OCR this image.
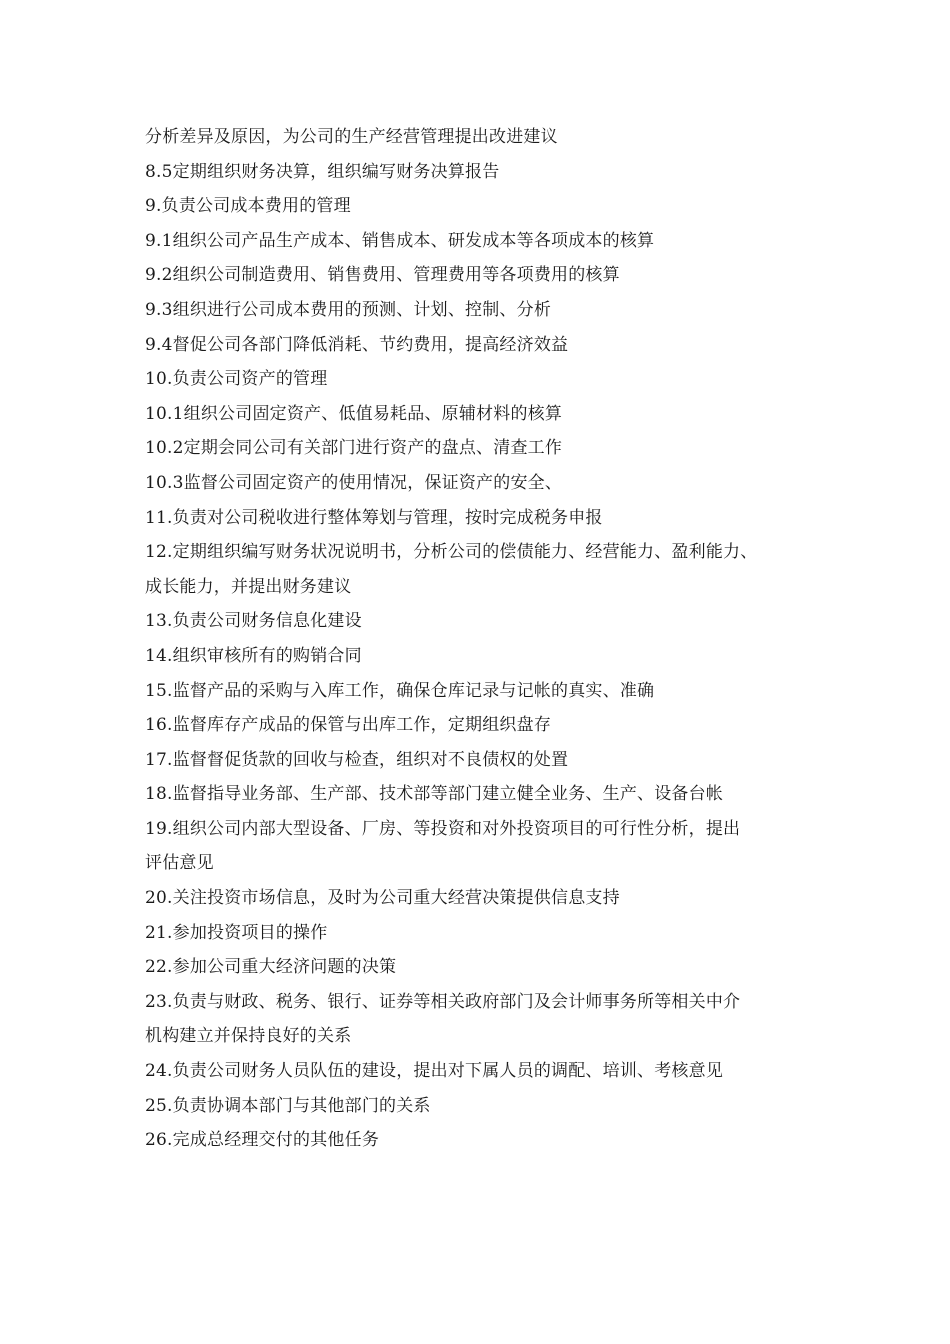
分析差异及原因，为公司的生产经营管理提出改进建议
8.5定期组织财务决算，组织编写财务决算报告
9.负责公司成本费用的管理
9.1组织公司产品生产成本、销售成本、研发成本等各项成本的核算
9.2组织公司制造费用、销售费用、管理费用等各项费用的核算
9.3组织进行公司成本费用的预测、计划、控制、分析
9.4督促公司各部门降低消耗、节约费用，提高经济效益
10.负责公司资产的管理
10.1组织公司固定资产、低值易耗品、原辅材料的核算
10.2定期会同公司有关部门进行资产的盘点、清查工作
10.3监督公司固定资产的使用情况，保证资产的安全、
11.负责对公司税收进行整体筹划与管理，按时完成税务申报
12.定期组织编写财务状况说明书，分析公司的偿债能力、经营能力、盈利能力、
成长能力，并提出财务建议
13.负责公司财务信息化建设
14.组织审核所有的购销合同
15.监督产品的采购与入库工作，确保仓库记录与记帐的真实、准确
16.监督库存产成品的保管与出库工作，定期组织盘存
17.监督督促货款的回收与检查，组织对不良债权的处置
18.监督指导业务部、生产部、技术部等部门建立健全业务、生产、设备台帐
19.组织公司内部大型设备、厂房、等投资和对外投资项目的可行性分析，提出
评估意见
20.关注投资市场信息，及时为公司重大经营决策提供信息支持
21.参加投资项目的操作
22.参加公司重大经济问题的决策
23.负责与财政、税务、银行、证券等相关政府部门及会计师事务所等相关中介
机构建立并保持良好的关系
24.负责公司财务人员队伍的建设，提出对下属人员的调配、培训、考核意见
25.负责协调本部门与其他部门的关系
26.完成总经理交付的其他任务
